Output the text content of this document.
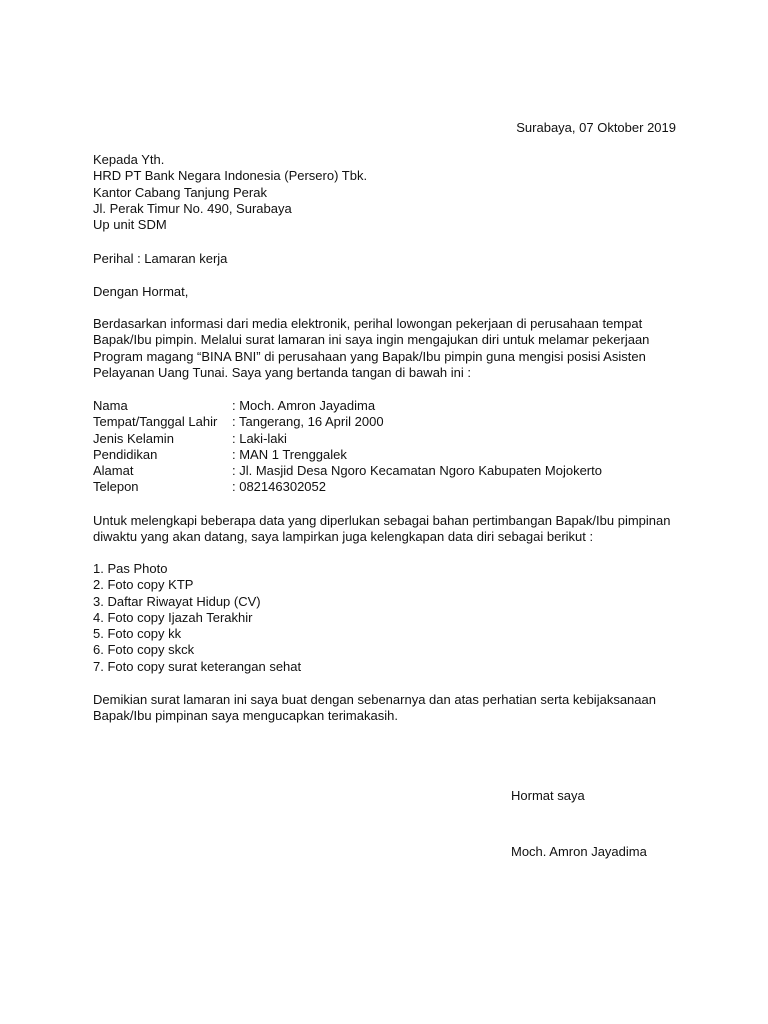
Surabaya, 07 Oktober 2019
Kepada Yth.
HRD PT Bank Negara Indonesia (Persero) Tbk.
Kantor Cabang Tanjung Perak
Jl. Perak Timur No. 490, Surabaya
Up unit SDM
Perihal : Lamaran kerja
Dengan Hormat,
Berdasarkan informasi dari media elektronik, perihal lowongan pekerjaan di perusahaan tempat
Bapak/Ibu pimpin. Melalui surat lamaran ini saya ingin mengajukan diri untuk melamar pekerjaan
Program magang “BINA BNI” di perusahaan yang Bapak/Ibu pimpin guna mengisi posisi Asisten
Pelayanan Uang Tunai. Saya yang bertanda tangan di bawah ini :
Nama	: Moch. Amron Jayadima
Tempat/Tanggal Lahir : Tangerang, 16 April 2000
Jenis Kelamin	: Laki-laki
Pendidikan	: MAN 1 Trenggalek
Alamat	: Jl. Masjid Desa Ngoro Kecamatan Ngoro Kabupaten Mojokerto
Telepon	: 082146302052
Untuk melengkapi beberapa data yang diperlukan sebagai bahan pertimbangan Bapak/Ibu pimpinan
diwaktu yang akan datang, saya lampirkan juga kelengkapan data diri sebagai berikut :
1. Pas Photo
2. Foto copy KTP
3. Daftar Riwayat Hidup (CV)
4. Foto copy Ijazah Terakhir
5. Foto copy kk
6. Foto copy skck
7. Foto copy surat keterangan sehat
Demikian surat lamaran ini saya buat dengan sebenarnya dan atas perhatian serta kebijaksanaan
Bapak/Ibu pimpinan saya mengucapkan terimakasih.
Hormat saya
Moch. Amron Jayadima
